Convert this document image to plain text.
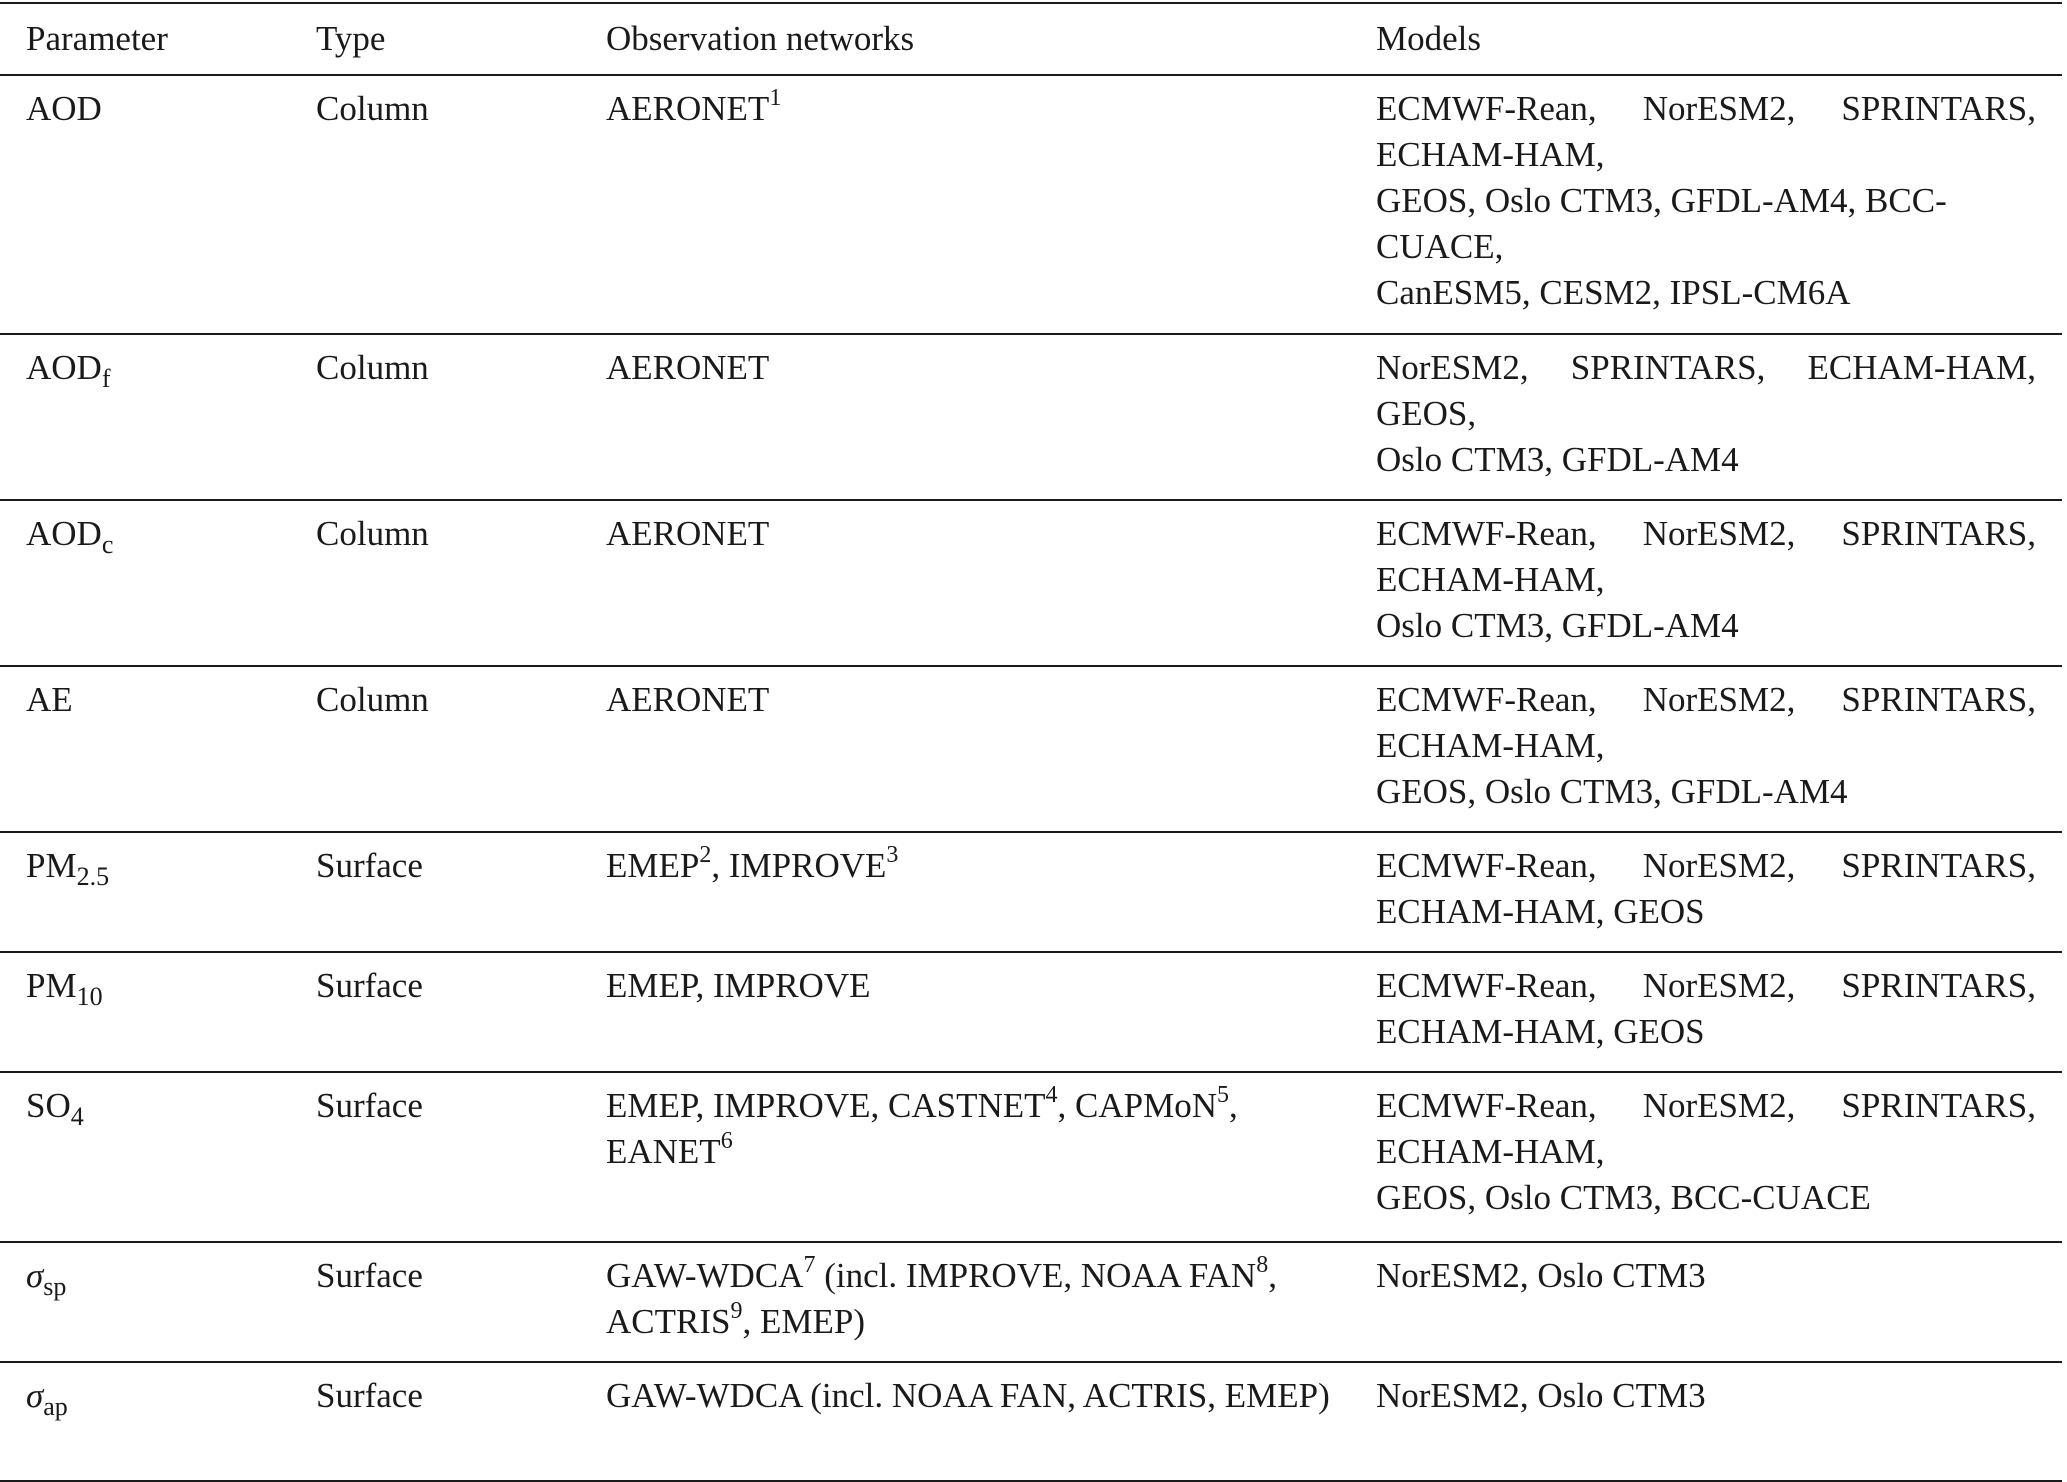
Parameter	Type	Observation networks	Models
AOD	Column	AERONET$^1$	ECMWF-Rean, NorESM2, SPRINTARS,
ECHAM-HAM,
GEOS, Oslo CTM3, GFDL-AM4, BCC-
CUACE,
CanESM5, CESM2, IPSL-CM6A

$AOD_f$	Column	AERONET	NorESM2, SPRINTARS, ECHAM-HAM,
GEOS,
Oslo CTM3, GFDL-AM4

$AOD_c$	Column	AERONET	ECMWF-Rean, NorESM2, SPRINTARS,
ECHAM-HAM,
Oslo CTM3, GFDL-AM4

AE	Column	AERONET	ECMWF-Rean, NorESM2, SPRINTARS,
ECHAM-HAM,
GEOS, Oslo CTM3, GFDL-AM4

$PM_{2.5}$	Surface	EMEP$^2$, IMPROVE$^3$	ECMWF-Rean, NorESM2, SPRINTARS,
ECHAM-HAM, GEOS

$PM_{10}$	Surface	EMEP, IMPROVE	ECMWF-Rean, NorESM2, SPRINTARS,
ECHAM-HAM, GEOS

$SO_4$	Surface	EMEP, IMPROVE, CASTNET$^4$, CAPMoN$^5$, EANET$^6$	ECMWF-Rean, NorESM2, SPRINTARS,
ECHAM-HAM,
GEOS, Oslo CTM3, BCC-CUACE

$\sigma_{sp}$	Surface	GAW-WDCA$^7$ (incl. IMPROVE, NOAA FAN$^8$, ACTRIS$^9$, EMEP)	NorESM2, Oslo CTM3

$\sigma_{ap}$	Surface	GAW-WDCA (incl. NOAA FAN, ACTRIS, EMEP)	NorESM2, Oslo CTM3
